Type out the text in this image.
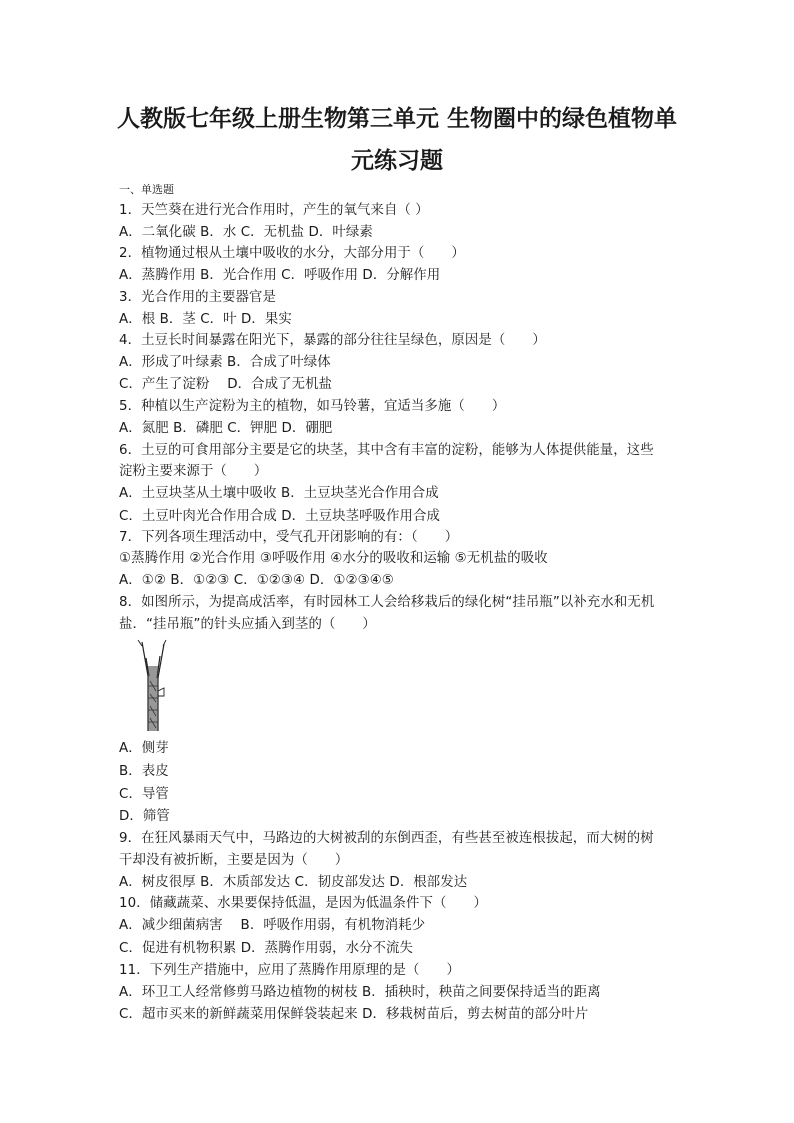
人教版七年级上册生物第三单元 生物圈中的绿色植物单
元练习题
一、单选题
1．天竺葵在进行光合作用时，产生的氧气来自（ ）
A．二氧化碳 B．水 C．无机盐 D．叶绿素
2．植物通过根从土壤中吸收的水分，大部分用于（　　）
A．蒸腾作用 B．光合作用 C．呼吸作用 D．分解作用
3．光合作用的主要器官是
A．根 B．茎 C．叶 D．果实
4．土豆长时间暴露在阳光下，暴露的部分往往呈绿色，原因是（　　）
A．形成了叶绿素 B．合成了叶绿体
C．产生了淀粉　 D．合成了无机盐
5．种植以生产淀粉为主的植物，如马铃薯，宜适当多施（　　）
A．氮肥 B．磷肥 C．钾肥 D．硼肥
6．土豆的可食用部分主要是它的块茎，其中含有丰富的淀粉，能够为人体提供能量，这些
淀粉主要来源于（　　）
A．土豆块茎从土壤中吸收 B．土豆块茎光合作用合成
C．土豆叶肉光合作用合成 D．土豆块茎呼吸作用合成
7．下列各项生理活动中，受气孔开闭影响的有：（　　）
①蒸腾作用 ②光合作用 ③呼吸作用 ④水分的吸收和运输 ⑤无机盐的吸收
A．①② B．①②③ C．①②③④ D．①②③④⑤
8．如图所示，为提高成活率，有时园林工人会给移栽后的绿化树“挂吊瓶”以补充水和无机
盐．“挂吊瓶”的针头应插入到茎的（　　）
A．侧芽
B．表皮
C．导管
D．筛管
9．在狂风暴雨天气中，马路边的大树被刮的东倒西歪，有些甚至被连根拔起，而大树的树
干却没有被折断，主要是因为（　　）
A．树皮很厚 B．木质部发达 C．韧皮部发达 D．根部发达
10．储藏蔬菜、水果要保持低温，是因为低温条件下（　　）
A．减少细菌病害　 B．呼吸作用弱，有机物消耗少
C．促进有机物积累 D．蒸腾作用弱，水分不流失
11．下列生产措施中，应用了蒸腾作用原理的是（　　）
A．环卫工人经常修剪马路边植物的树枝 B．插秧时，秧苗之间要保持适当的距离
C．超市买来的新鲜蔬菜用保鲜袋装起来 D．移栽树苗后，剪去树苗的部分叶片
